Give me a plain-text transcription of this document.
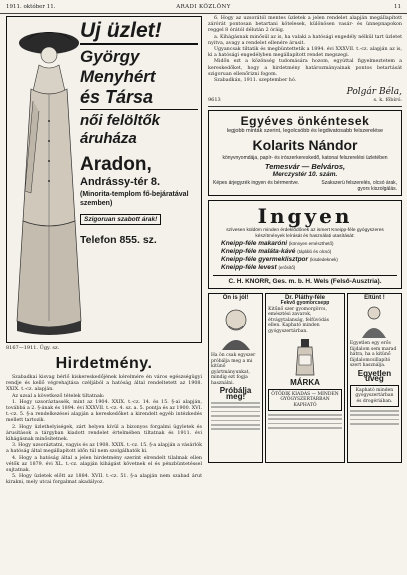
1911. október 11.	ARADI KÖZLÖNY	11
Uj üzlet!
György
Menyhért
és Társa
női felöltők
áruháza
Aradon,
Andrássy-tér 8.
(Minorita-templom fő-bejáratával szemben)
Szigoruan szabott árak!
Telefon 855. sz.
8167—1911. Ügy. sz.
Hirdetmény.

Szabadkai kisvag bérlő kiskereskedőjének kérelmére én város egészségügyi rendje és kellő végrehajtása czéljából a hatóság által rendeltetett az 1908. XXIX. t.-cz. alapján.

Az uzsal a következő tételek tiltatnak:

1. Hogy uzsoráztassék, mint az 1904. XXIX. t.-cz. 14. és 15. §-ai alapján, továbbá a 2. §-ának és 1894. évi XXXVII. t.-cz. 4. sz. a. 5. pontja és az 1900. XVI. t.-cz. 5. §-a rendelkezései alapján a kereskedőket a kirendelt egyéb intézkedés mellett tartozik.

2. Hogy üzlethelyiségek, zárt helyen kívül a bizonyos forgalmi ügyletek és árusítások a tárgyban kiadott rendelet értelmében tiltatnak és 1911. évi kihágásnak minősítetnek.

3. Hogy uzsoráztatni, vagyis és az 1908. XXIX. t.-cz. 15. §-a alapján a vásárlók a hatóság által megállapított időn túl nem szolgálhatók ki.

4. Hogy a hatóság által a jelen hirdetmény szerint elrendelt tilalmak ellen vétők az 1879. évi XL. t.-cz. alapján kihágást követnek el és pénzbüntetéssel sujtatnak.

5. Hogy üzletek előtt az 1884. XVII. t.-cz. 51. §-a alapján nem szabad árut kirakni, mely utcai forgalmat akadályoz.

6. Hogy az uzsorától mentes üzletek a jelen rendelet alapján megállapított zárórát pontosan betartani kötelesek, különösen vasár- és ünnepnapokon reggel 8 órától délután 2 óráig.

a. Kihágásnak minősül az is, ha valaki a hatósági engedély nélkül tart üzletet nyitva, avagy a rendelet ellenére árusit.

Ugyancsak tiltatik és megbüntettetik a 1894. évi XXXVII. t.-cz. alapján az is, ki a hatósági engedélyben megállapított rendet megszegi.

Midőn ezt a közönség tudomására hozom, egyúttal figyelmeztetem a kereskedőket, hogy a hirdetmény határozmányainak pontos betartását szigoruan ellenőrizni fogom.

Szabadkán, 1911. szeptember hó.

9613
Polgár Béla,
s. k. főbíró.
Egyéves önkéntesek
legjobb minták szerint, legolcsóbb és legdivatosabb felszerelése
Kolarits Nándor
könyvnyomdája, papír- és irószerkereskedő, katonai felszerelési üzletében
Temesvár — Belváros,
Merczystér 10. szám.
Képes árjegyzék ingyen és bérmentve.	Szakszerü felszerelés, olcsó árak, gyors kiszolgálás.
Ingyen
szívesen küldöm minden érdeklődőnek az ismert Kneipp-féle gyógyszeres készítmények leírását és használati utasítását:
Kneipp-féle makaróni (könnyen emészthető)
Kneipp-féle maláta-kávé (tápláló és olcsó)
Kneipp-féle gyermeklisztpor (kisdedeknek)
Kneipp-féle levest (erősítő)
C. H. KNORR, Ges. m. b. H. Wels (Felső-Ausztria).
Ön is jól!
Ha ön csak egyszer próbálja meg a mi kitünő gyártmányunkat, mindig ezt fogja használni.
Próbálja meg!
Dr. Pláthy-féle
Fekvő gyomorcsepp
Kitűnő szer gyomorgörcs, emésztési zavarok, étvágytalanság, felfúvódás ellen. Kapható minden gyógyszertárban.
MÁRKA
ÖTÖDIK KIADÁS — MINDEN GYÓGYSZERTÁRBAN KAPHATÓ
Eltünt !
Egyetlen egy erős fájdalom sem marad hátra, ha a kitünő fájdalomcsillapító szert használja.
Egyetlen üveg
Kapható minden gyógyszertárban és drogériában.
